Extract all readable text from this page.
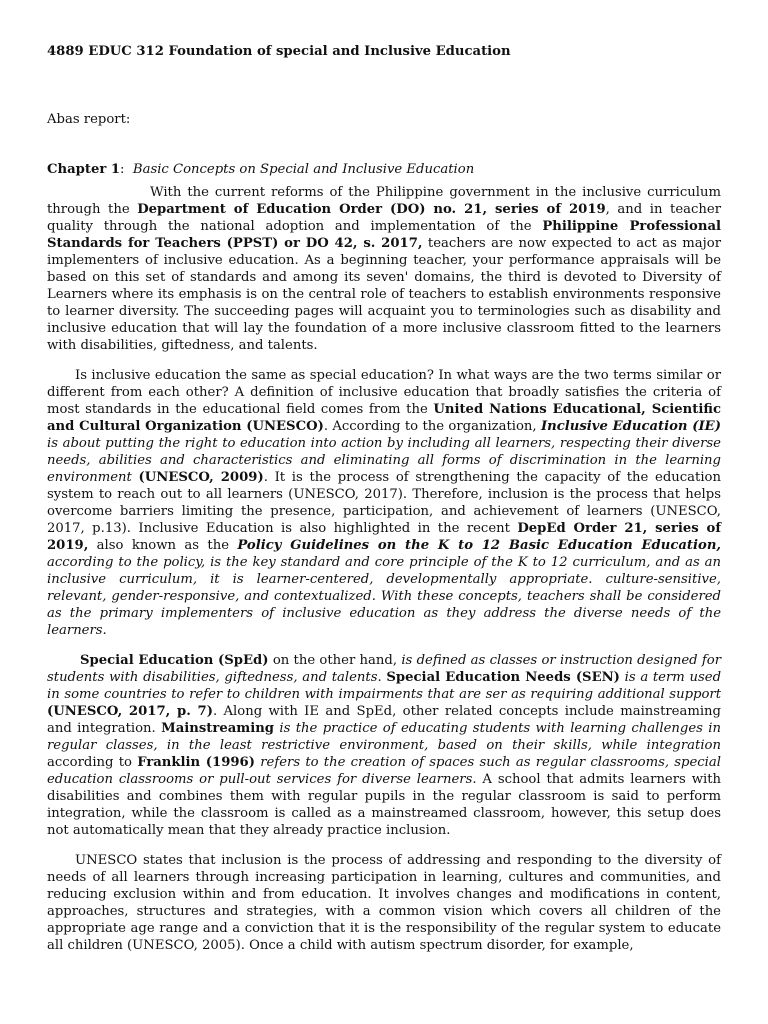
4889 EDUC 312 Foundation of special and Inclusive Education
Abas report:
Chapter 1: Basic Concepts on Special and Inclusive Education

With the current reforms of the Philippine government in the inclusive curriculum through the Department of Education Order (DO) no. 21, series of 2019, and in teacher quality through the national adoption and implementation of the Philippine Professional Standards for Teachers (PPST) or DO 42, s. 2017, teachers are now expected to act as major implementers of inclusive education. As a beginning teacher, your performance appraisals will be based on this set of standards and among its seven' domains, the third is devoted to Diversity of Learners where its emphasis is on the central role of teachers to establish environments responsive to learner diversity. The succeeding pages will acquaint you to terminologies such as disability and inclusive education that will lay the foundation of a more inclusive classroom fitted to the learners with disabilities, giftedness, and talents.

Is inclusive education the same as special education? In what ways are the two terms similar or different from each other? A definition of inclusive education that broadly satisfies the criteria of most standards in the educational field comes from the United Nations Educational, Scientific and Cultural Organization (UNESCO). According to the organization, Inclusive Education (IE) is about putting the right to education into action by including all learners, respecting their diverse needs, abilities and characteristics and eliminating all forms of discrimination in the learning environment (UNESCO, 2009). It is the process of strengthening the capacity of the education system to reach out to all learners (UNESCO, 2017). Therefore, inclusion is the process that helps overcome barriers limiting the presence, participation, and achievement of learners (UNESCO, 2017, p.13). Inclusive Education is also highlighted in the recent DepEd Order 21, series of 2019, also known as the Policy Guidelines on the K to 12 Basic Education Education, according to the policy, is the key standard and core principle of the K to 12 curriculum, and as an inclusive curriculum, it is learner-centered, developmentally appropriate. culture-sensitive, relevant, gender-responsive, and contextualized. With these concepts, teachers shall be considered as the primary implementers of inclusive education as they address the diverse needs of the learners.

Special Education (SpEd) on the other hand, is defined as classes or instruction designed for students with disabilities, giftedness, and talents. Special Education Needs (SEN) is a term used in some countries to refer to children with impairments that are ser as requiring additional support (UNESCO, 2017, p. 7). Along with IE and SpEd, other related concepts include mainstreaming and integration. Mainstreaming is the practice of educating students with learning challenges in regular classes, in the least restrictive environment, based on their skills, while integration according to Franklin (1996) refers to the creation of spaces such as regular classrooms, special education classrooms or pull-out services for diverse learners. A school that admits learners with disabilities and combines them with regular pupils in the regular classroom is said to perform integration, while the classroom is called as a mainstreamed classroom, however, this setup does not automatically mean that they already practice inclusion.

UNESCO states that inclusion is the process of addressing and responding to the diversity of needs of all learners through increasing participation in learning, cultures and communities, and reducing exclusion within and from education. It involves changes and modifications in content, approaches, structures and strategies, with a common vision which covers all children of the appropriate age range and a conviction that it is the responsibility of the regular system to educate all children (UNESCO, 2005). Once a child with autism spectrum disorder, for example,
